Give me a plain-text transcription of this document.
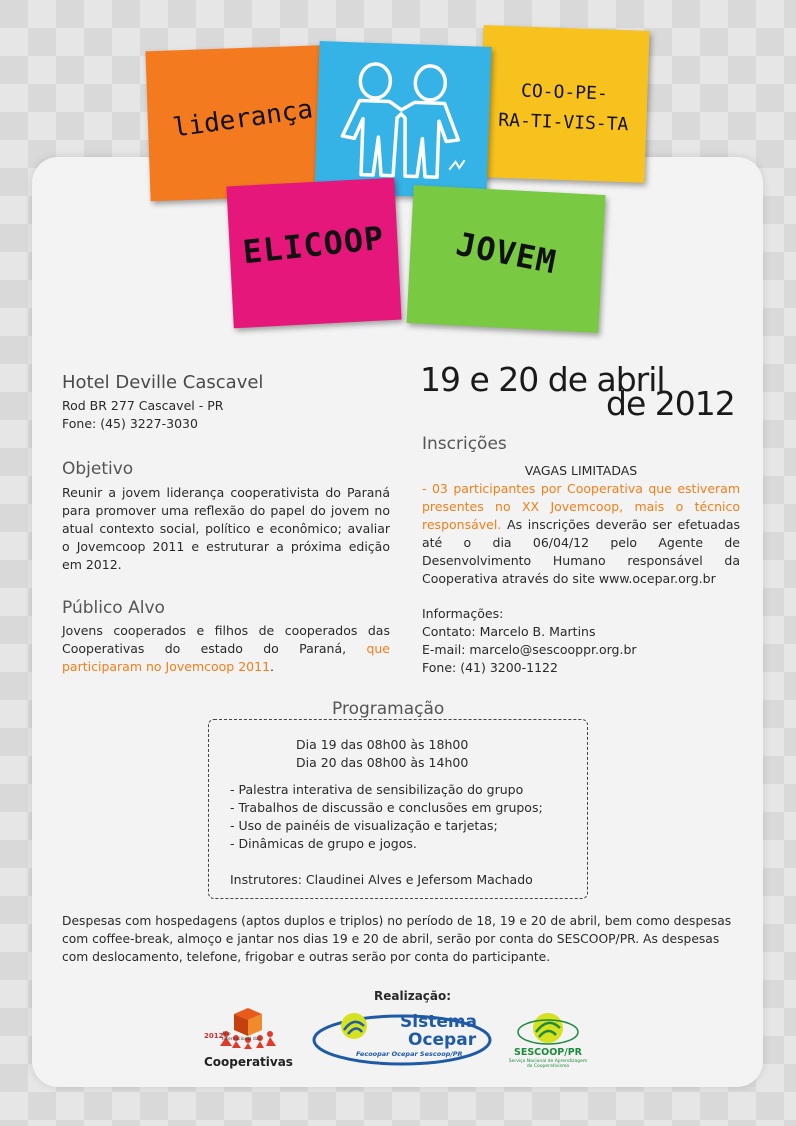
liderança
CO-O-PE-
RA-TI-VIS-TA
ELICOOP	JOVEM
Hotel Deville Cascavel
Rod BR 277 Cascavel - PR
Fone: (45) 3227-3030
19 e 20 de abril
de 2012
Objetivo
Reunir a jovem liderança cooperativista do Paraná para promover uma reflexão do papel do jovem no atual contexto social, político e econômico; avaliar o Jovemcoop 2011 e estruturar a próxima edição em 2012.
Público Alvo
Jovens cooperados e filhos de cooperados das Cooperativas do estado do Paraná, que participaram no Jovemcoop 2011.
Inscrições
VAGAS LIMITADAS
- 03 participantes por Cooperativa que estiveram presentes no XX Jovemcoop, mais o técnico responsável. As inscrições deverão ser efetuadas até o dia 06/04/12 pelo Agente de Desenvolvimento Humano responsável da Cooperativa através do site www.ocepar.org.br
Informações:
Contato: Marcelo B. Martins
E-mail: marcelo@sescooppr.org.br
Fone: (41) 3200-1122
Programação
Dia 19 das 08h00 às 18h00
Dia 20 das 08h00 às 14h00
- Palestra interativa de sensibilização do grupo
- Trabalhos de discussão e conclusões em grupos;
- Uso de painéis de visualização e tarjetas;
- Dinâmicas de grupo e jogos.
Instrutores: Claudinei Alves e Jefersom Machado
Despesas com hospedagens (aptos duplos e triplos) no período de 18, 19 e 20 de abril, bem como despesas com coffee-break, almoço e jantar nos dias 19 e 20 de abril, serão por conta do SESCOOP/PR. As despesas com deslocamento, telefone, frigobar e outras serão por conta do participante.
Realização:
2012
Ano
Internacional das
Cooperativas
Sistema
Ocepar
Fecoopar Ocepar Sescoop/PR	SESCOOP/PR
Serviço Nacional de Aprendizagem
do Cooperativismo
